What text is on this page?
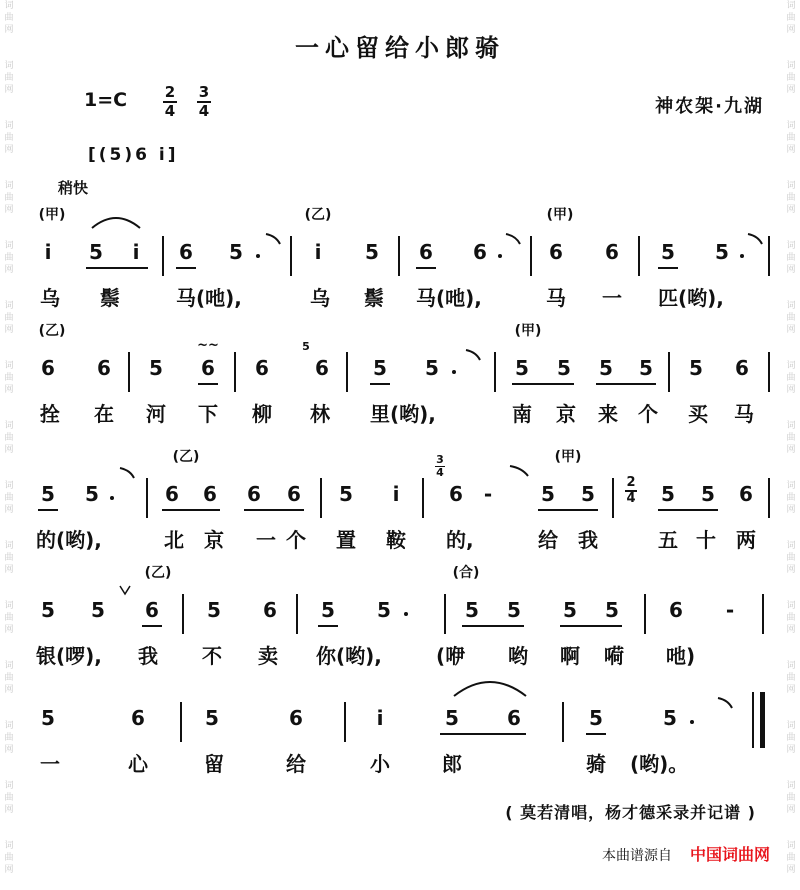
词
曲
网

词
曲
网

词
曲
网

词
曲
网

词
曲
网

词
曲
网

词
曲
网

词
曲
网

词
曲
网

词
曲
网

词
曲
网

词
曲
网

词
曲
网

词
曲
网

词
曲
网
词
曲
网

词
曲
网

词
曲
网

词
曲
网

词
曲
网

词
曲
网

词
曲
网

词
曲
网

词
曲
网

词
曲
网

词
曲
网

词
曲
网

词
曲
网

词
曲
网

词
曲
网
一心留给小郎骑
1=C	2
4
3
4	神农架·九湖
[(5)6 i]
稍快
(甲)	(乙)	(甲)
i 5 i 6 5	i 5 6 6	6 6 5 5
乌 鬃	马(吔),	乌 鬃 马(吔),	马 一 匹(哟),
(乙)	(甲)
6 6 5 6
~~
6
5
6 5 5	5 5 5 5 5 6
拴 在 河 下 柳 林 里(哟),	南 京 来 个 买 马
(乙)	(甲)
5 5	6 6 6 6 5 i
3
4
6 - 5 5 2
4 5 5 6
的(哟),	北 京 一 个 置 鞍 的,	给 我	五 十 两
(乙)	(合)
5 5 6 5 6 5 5	5 5 5 5	6 -
银(啰), 我 不 卖 你(哟),	(咿 哟 啊 嗬 吔)
5	6	5	6	i	5 6	5	5
一	心	留	给	小	郎	骑 (哟)。
( 莫若清唱，杨才德采录并记谱 )
本曲谱源自 中国词曲网
